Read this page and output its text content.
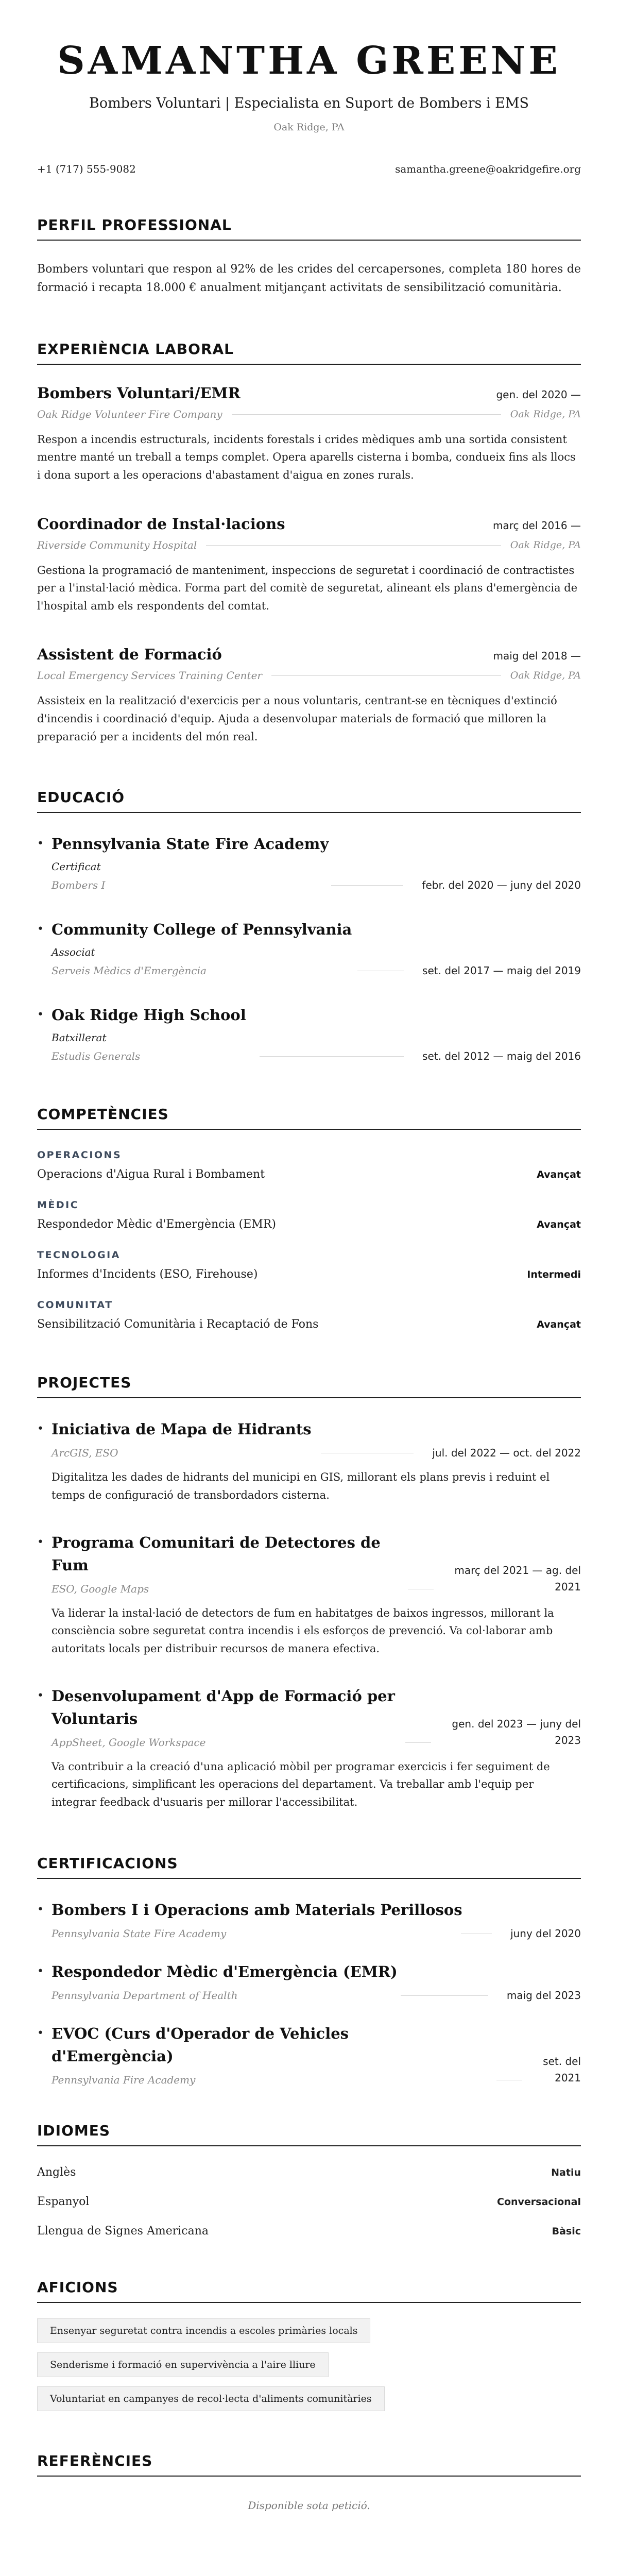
SAMANTHA GREENE
Bombers Voluntari | Especialista en Suport de Bombers i EMS
Oak Ridge, PA
+1 (717) 555-9082	samantha.greene@oakridgefire.org
PERFIL PROFESSIONAL

Bombers voluntari que respon al 92% de les crides del cercapersones, completa 180 hores de formació i recapta 18.000 € anualment mitjançant activitats de sensibilització comunitària.

EXPERIÈNCIA LABORAL
Bombers Voluntari/EMR	gen. del 2020 —
Oak Ridge Volunteer Fire Company	Oak Ridge, PA
Respon a incendis estructurals, incidents forestals i crides mèdiques amb una sortida consistent mentre manté un treball a temps complet. Opera aparells cisterna i bomba, condueix fins als llocs i dona suport a les operacions d'abastament d'aigua en zones rurals.
Coordinador de Instal·lacions	març del 2016 —
Riverside Community Hospital	Oak Ridge, PA
Gestiona la programació de manteniment, inspeccions de seguretat i coordinació de contractistes per a l'instal·lació mèdica. Forma part del comitè de seguretat, alineant els plans d'emergència de l'hospital amb els respondents del comtat.
Assistent de Formació	maig del 2018 —
Local Emergency Services Training Center	Oak Ridge, PA
Assisteix en la realització d'exercicis per a nous voluntaris, centrant-se en tècniques d'extinció d'incendis i coordinació d'equip. Ajuda a desenvolupar materials de formació que milloren la preparació per a incidents del món real.
EDUCACIÓ
• Pennsylvania State Fire Academy
Certificat
Bombers I	febr. del 2020 — juny del 2020
• Community College of Pennsylvania
Associat
Serveis Mèdics d'Emergència	set. del 2017 — maig del 2019
• Oak Ridge High School
Batxillerat
Estudis Generals	set. del 2012 — maig del 2016
COMPETÈNCIES
OPERACIONS
Operacions d'Aigua Rural i Bombament	Avançat
MÈDIC
Respondedor Mèdic d'Emergència (EMR)	Avançat
TECNOLOGIA
Informes d'Incidents (ESO, Firehouse)	Intermedi
COMUNITAT
Sensibilització Comunitària i Recaptació de Fons	Avançat
PROJECTES
• Iniciativa de Mapa de Hidrants
ArcGIS, ESO	jul. del 2022 — oct. del 2022
Digitalitza les dades de hidrants del municipi en GIS, millorant els plans previs i reduint el temps de configuració de transbordadors cisterna.
• Programa Comunitari de Detectores de Fum
ESO, Google Maps
març del 2021 — ag. del
2021
Va liderar la instal·lació de detectors de fum en habitatges de baixos ingressos, millorant la consciència sobre seguretat contra incendis i els esforços de prevenció. Va col·laborar amb autoritats locals per distribuir recursos de manera efectiva.
• Desenvolupament d'App de Formació per Voluntaris
AppSheet, Google Workspace
gen. del 2023 — juny del
2023
Va contribuir a la creació d'una aplicació mòbil per programar exercicis i fer seguiment de certificacions, simplificant les operacions del departament. Va treballar amb l'equip per integrar feedback d'usuaris per millorar l'accessibilitat.
CERTIFICACIONS
• Bombers I i Operacions amb Materials Perillosos
Pennsylvania State Fire Academy	juny del 2020
• Respondedor Mèdic d'Emergència (EMR)
Pennsylvania Department of Health	maig del 2023
• EVOC (Curs d'Operador de Vehicles d'Emergència)
Pennsylvania Fire Academy
set. del
2021
IDIOMES
Anglès	Natiu
Espanyol	Conversacional
Llengua de Signes Americana	Bàsic
AFICIONS
Ensenyar seguretat contra incendis a escoles primàries locals
Senderisme i formació en supervivència a l'aire lliure
Voluntariat en campanyes de recol·lecta d'aliments comunitàries
REFERÈNCIES
Disponible sota petició.
